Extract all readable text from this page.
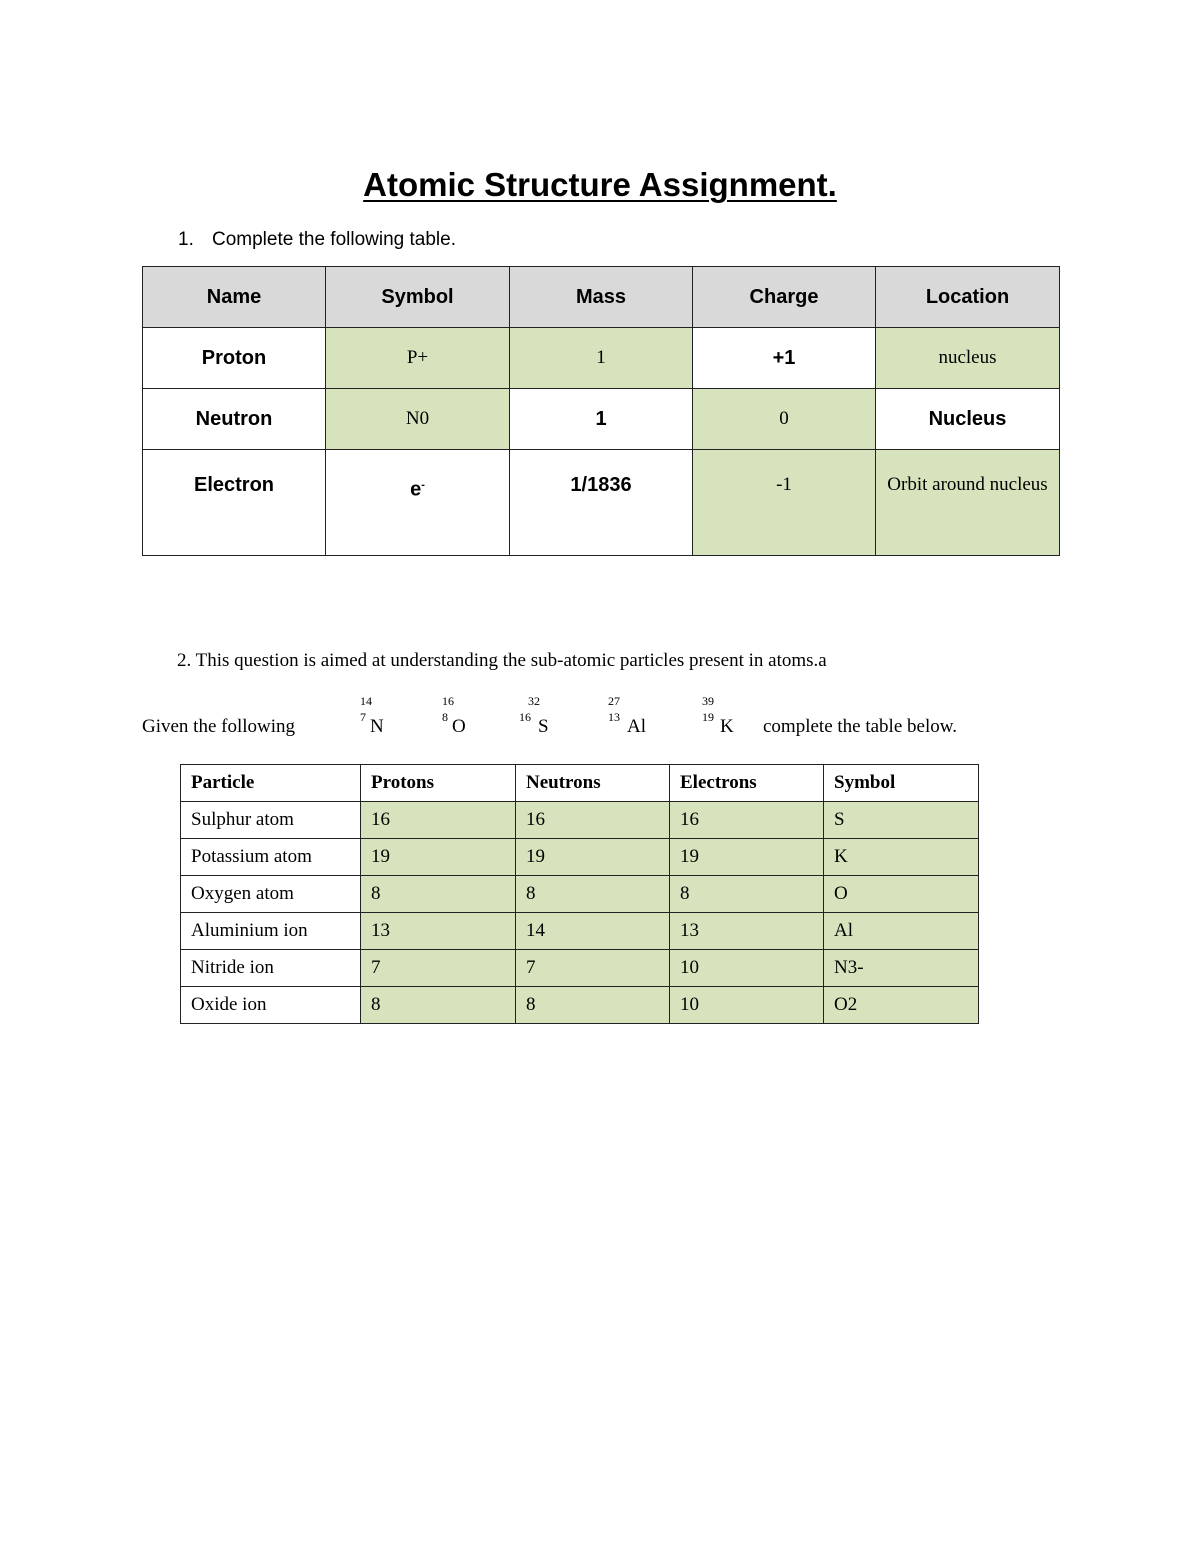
Atomic Structure Assignment.
1. Complete the following table.
Name	Symbol	Mass	Charge	Location
Proton	P+	1	+1	nucleus
Neutron	N0	1	0	Nucleus
Electron	e-	1/1836	-1	Orbit around nucleus
2. This question is aimed at understanding the sub-atomic particles present in atoms.a
Given the following
14
7 N
16
8 O
32
16 S
27
13 Al
39
19 K complete the table below.
Particle	Protons	Neutrons	Electrons	Symbol
Sulphur atom	16	16	16	S
Potassium atom	19	19	19	K
Oxygen atom	8	8	8	O
Aluminium ion	13	14	13	Al
Nitride ion	7	7	10	N3-
Oxide ion	8	8	10	O2
